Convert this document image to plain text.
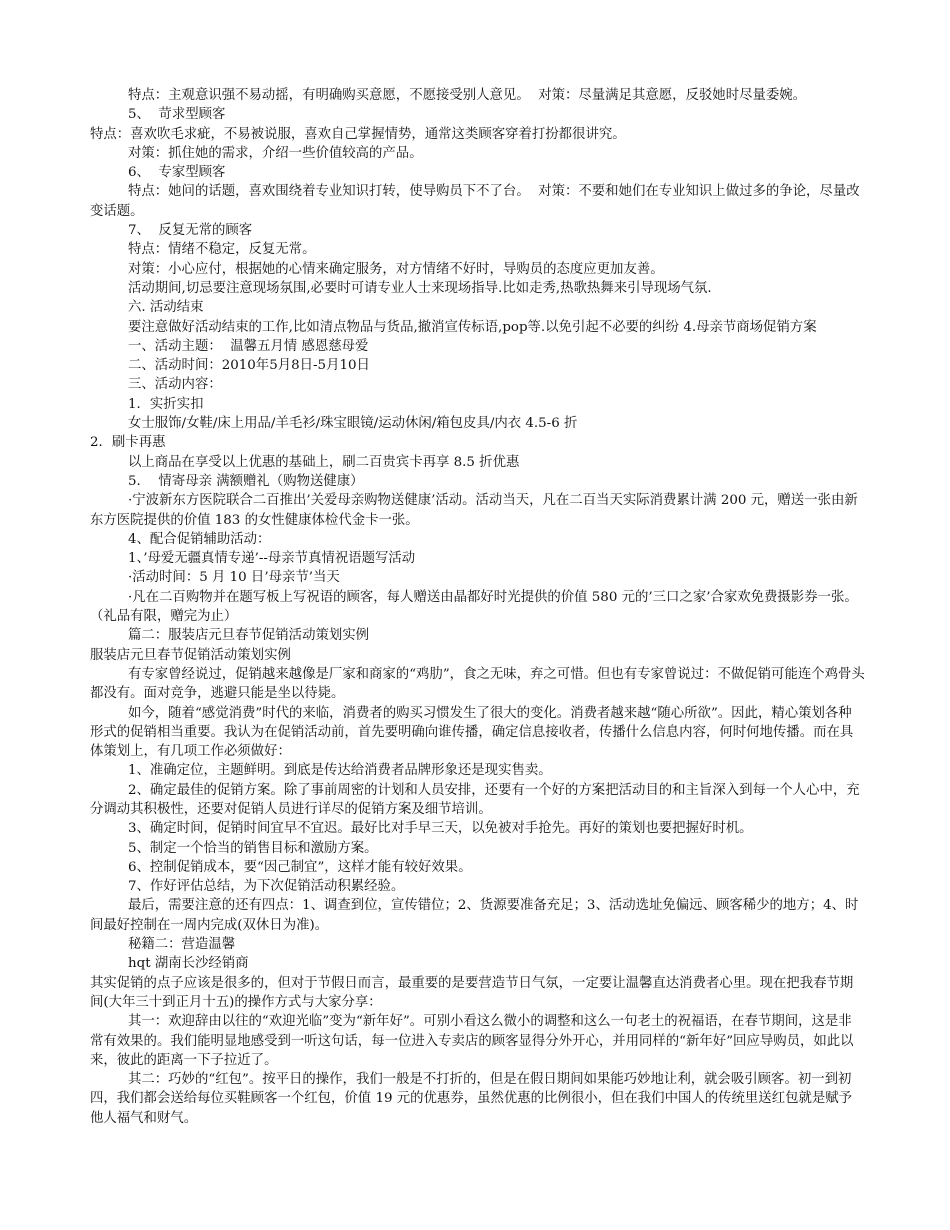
特点：主观意识强不易动摇，有明确购买意愿，不愿接受别人意见。  对策：尽量满足其意愿，反驳她时尽量委婉。

5、  苛求型顾客

特点：喜欢吹毛求疵，不易被说服，喜欢自己掌握情势，通常这类顾客穿着打扮都很讲究。

对策：抓住她的需求，介绍一些价值较高的产品。

6、  专家型顾客

特点：她问的话题，喜欢围绕着专业知识打转，使导购员下不了台。  对策：不要和她们在专业知识上做过多的争论，尽量改变话题。

7、  反复无常的顾客

特点：情绪不稳定，反复无常。

对策：小心应付，根据她的心情来确定服务，对方情绪不好时，导购员的态度应更加友善。

活动期间,切忌要注意现场氛围,必要时可请专业人士来现场指导.比如走秀,热歌热舞来引导现场气氛.

六. 活动结束

要注意做好活动结束的工作,比如清点物品与货品,撤消宣传标语,pop等.以免引起不必要的纠纷 4.母亲节商场促销方案

一、活动主题：  温馨五月情 感恩慈母爱

二、活动时间：2010年5月8日-5月10日

三、活动内容：

1．实折实扣

女士服饰/女鞋/床上用品/羊毛衫/珠宝眼镜/运动休闲/箱包皮具/内衣 4.5-6 折

2．刷卡再惠

以上商品在享受以上优惠的基础上，刷二百贵宾卡再享 8.5 折优惠

5．  情寄母亲 满额赠礼（购物送健康）

·宁波新东方医院联合二百推出’关爱母亲购物送健康’活动。活动当天，凡在二百当天实际消费累计满 200 元，赠送一张由新东方医院提供的价值 183 的女性健康体检代金卡一张。

4、配合促销辅助活动：

1、’母爱无疆真情专递’--母亲节真情祝语题写活动

·活动时间：5 月 10 日’母亲节’当天

·凡在二百购物并在题写板上写祝语的顾客，每人赠送由晶都好时光提供的价值 580 元的’三口之家’合家欢免费摄影券一张。（礼品有限，赠完为止）

篇二：服装店元旦春节促销活动策划实例

服装店元旦春节促销活动策划实例

有专家曾经说过，促销越来越像是厂家和商家的“鸡肋”，食之无味，弃之可惜。但也有专家曾说过：不做促销可能连个鸡骨头都没有。面对竞争，逃避只能是坐以待毙。

如今，随着“感觉消费”时代的来临，消费者的购买习惯发生了很大的变化。消费者越来越“随心所欲”。因此，精心策划各种形式的促销相当重要。我认为在促销活动前，首先要明确向谁传播，确定信息接收者，传播什么信息内容，何时何地传播。而在具体策划上，有几项工作必须做好：

1、准确定位，主题鲜明。到底是传达给消费者品牌形象还是现实售卖。

2、确定最佳的促销方案。除了事前周密的计划和人员安排，还要有一个好的方案把活动目的和主旨深入到每一个人心中，充分调动其积极性，还要对促销人员进行详尽的促销方案及细节培训。

3、确定时间，促销时间宜早不宜迟。最好比对手早三天，以免被对手抢先。再好的策划也要把握好时机。

5、制定一个恰当的销售目标和激励方案。

6、控制促销成本，要“因己制宜”，这样才能有较好效果。

7、作好评估总结，为下次促销活动积累经验。

最后，需要注意的还有四点：1、调查到位，宣传错位；2、货源要准备充足；3、活动选址免偏远、顾客稀少的地方；4、时间最好控制在一周内完成(双休日为准)。

秘籍二：营造温馨

hqt 湖南长沙经销商

其实促销的点子应该是很多的，但对于节假日而言，最重要的是要营造节日气氛，一定要让温馨直达消费者心里。现在把我春节期间(大年三十到正月十五)的操作方式与大家分享：

其一：欢迎辞由以往的“欢迎光临”变为“新年好”。可别小看这么微小的调整和这么一句老土的祝福语，在春节期间，这是非常有效果的。我们能明显地感受到一听这句话，每一位进入专卖店的顾客显得分外开心，并用同样的“新年好”回应导购员，如此以来，彼此的距离一下子拉近了。

其二：巧妙的“红包”。按平日的操作，我们一般是不打折的，但是在假日期间如果能巧妙地让利，就会吸引顾客。初一到初四，我们都会送给每位买鞋顾客一个红包，价值 19 元的优惠券，虽然优惠的比例很小，但在我们中国人的传统里送红包就是赋予他人福气和财气。
